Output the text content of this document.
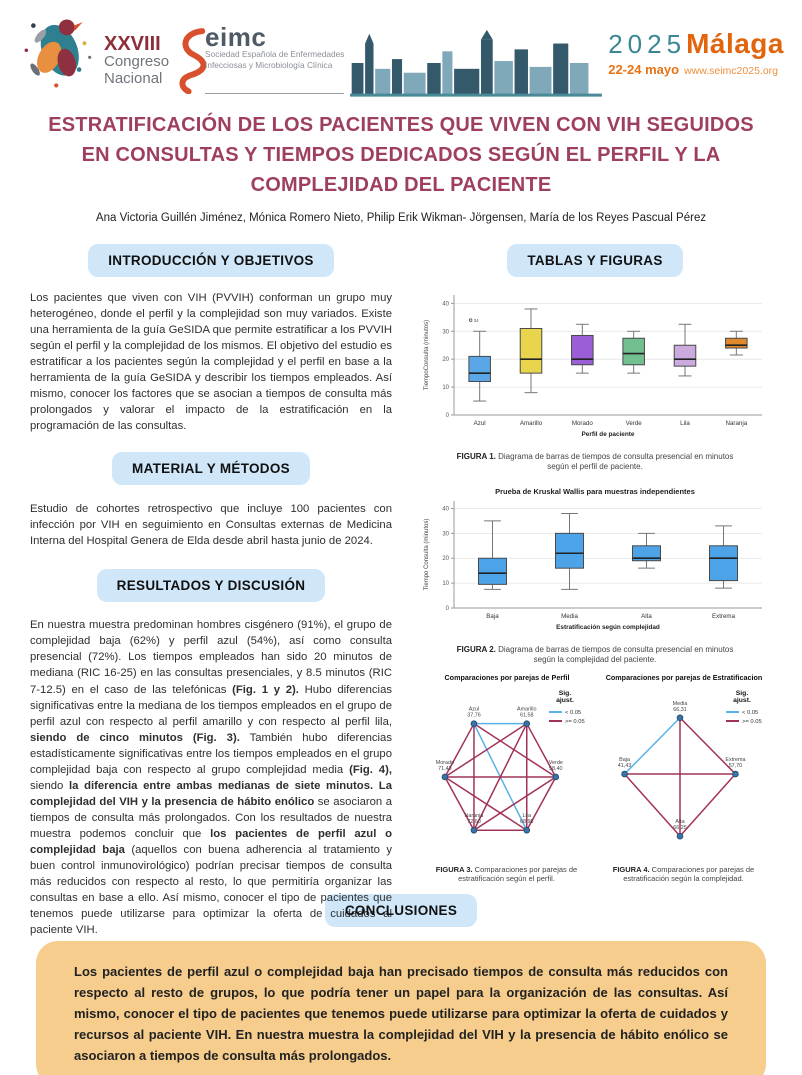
XXVIII
Congreso
Nacional
eimc
Sociedad Española de Enfermedades
Infecciosas y Microbiología Clínica
2025Málaga
22-24 mayo www.seimc2025.org
ESTRATIFICACIÓN DE LOS PACIENTES QUE VIVEN CON VIH SEGUIDOS EN CONSULTAS Y TIEMPOS DEDICADOS SEGÚN EL PERFIL Y LA COMPLEJIDAD DEL PACIENTE
Ana Victoria Guillén Jiménez, Mónica Romero Nieto, Philip Erik Wikman- Jörgensen, María de los Reyes Pascual Pérez
INTRODUCCIÓN Y OBJETIVOS

Los pacientes que viven con VIH (PVVIH) conforman un grupo muy heterogéneo, donde el perfil y la complejidad son muy variados. Existe una herramienta de la guía GeSIDA que permite estratificar a los PVVIH según el perfil y la complejidad de los mismos. El objetivo del estudio es estratificar a los pacientes según la complejidad y el perfil en base a la herramienta de la guía GeSIDA y describir los tiempos empleados. Así mismo, conocer los factores que se asocian a tiempos de consulta más prolongados y valorar el impacto de la estratificación en la programación de las consultas.

MATERIAL Y MÉTODOS

Estudio de cohortes retrospectivo que incluye 100 pacientes con infección por VIH en seguimiento en Consultas externas de Medicina Interna del Hospital Genera de Elda desde abril hasta junio de 2024.

RESULTADOS Y DISCUSIÓN

En nuestra muestra predominan hombres cisgénero (91%), el grupo de complejidad baja (62%) y perfil azul (54%), así como consulta presencial (72%). Los tiempos empleados han sido 20 minutos de mediana (RIC 16-25) en las consultas presenciales, y 8.5 minutos (RIC 7-12.5) en el caso de las telefónicas (Fig. 1 y 2). Hubo diferencias significativas entre la mediana de los tiempos empleados en el grupo de perfil azul con respecto al perfil amarillo y con respecto al perfil lila, siendo de cinco minutos (Fig. 3). También hubo diferencias estadísticamente significativas entre los tiempos empleados en el grupo complejidad baja con respecto al grupo complejidad media (Fig. 4), siendo la diferencia entre ambas medianas de siete minutos. La complejidad del VIH y la presencia de hábito enólico se asociaron a tiempos de consulta más prolongados. Con los resultados de nuestra muestra podemos concluir que los pacientes de perfil azul o complejidad baja (aquellos con buena adherencia al tratamiento y buen control inmunovirológico) podrían precisar tiempos de consulta más reducidos con respecto al resto, lo que permitiría organizar las consultas en base a ello. Así mismo, conocer el tipo de pacientes que tenemos puede utilizarse para optimizar la oferta de cuidados al paciente VIH.

TABLAS Y FIGURAS
0
10
20
30
40
34
Azul	Amarillo	Morado	Verde	Lila	Naranja
Perfil de paciente
TiempoConsulta (minutos)
FIGURA 1. Diagrama de barras de tiempos de consulta presencial en minutos según el perfil de paciente.
Prueba de Kruskal Wallis para muestras independientes
0
10
20
30
40
Baja	Media	Alta	Extrema
Estratificación según complejidad
Tiempo Consulta (minutos)
FIGURA 2. Diagrama de barras de tiempos de consulta presencial en minutos según la complejidad del paciente.
Comparaciones por parejas de Perfil
Sig.
ajust.
< 0.05
>= 0.05
Azul
37,76
Amarillo
61,58
Verde
58,40
Lila
68,96
Naranja
72,60
Morado
71,43
FIGURA 3. Comparaciones por parejas de estratificación según el perfil.
Comparaciones por parejas de Estratificacion
Sig.
ajust.
< 0.05
>= 0.05
Media
66,31
Baja
41,43
Extrema
57,70
Alta
66,25
FIGURA 4. Comparaciones por parejas de estratificación según la complejidad.
CONCLUSIONES
Los pacientes de perfil azul o complejidad baja han precisado tiempos de consulta más reducidos con respecto al resto de grupos, lo que podría tener un papel para la organización de las consultas. Así mismo, conocer el tipo de pacientes que tenemos puede utilizarse para optimizar la oferta de cuidados y recursos al paciente VIH. En nuestra muestra la complejidad del VIH y la presencia de hábito enólico se asociaron a tiempos de consulta más prolongados.
